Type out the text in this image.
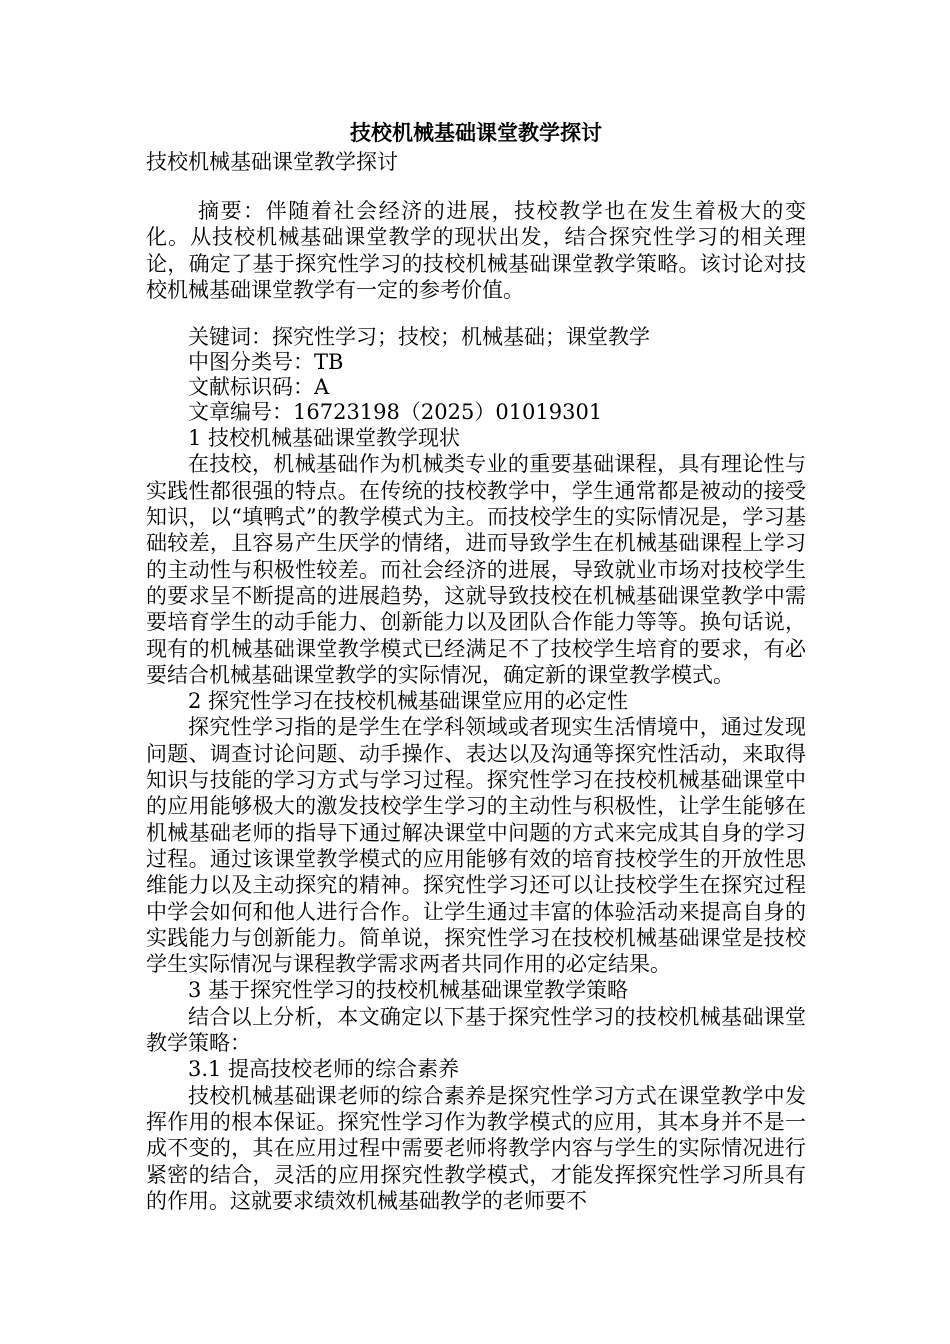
技校机械基础课堂教学探讨

技校机械基础课堂教学探讨

摘要：伴随着社会经济的进展，技校教学也在发生着极大的变化。从技校机械基础课堂教学的现状出发，结合探究性学习的相关理论，确定了基于探究性学习的技校机械基础课堂教学策略。该讨论对技校机械基础课堂教学有一定的参考价值。

关键词：探究性学习；技校；机械基础；课堂教学

中图分类号：TB

文献标识码：A

文章编号：16723198（2025）01019301

1 技校机械基础课堂教学现状

在技校，机械基础作为机械类专业的重要基础课程，具有理论性与实践性都很强的特点。在传统的技校教学中，学生通常都是被动的接受知识，以“填鸭式”的教学模式为主。而技校学生的实际情况是，学习基础较差，且容易产生厌学的情绪，进而导致学生在机械基础课程上学习的主动性与积极性较差。而社会经济的进展，导致就业市场对技校学生的要求呈不断提高的进展趋势，这就导致技校在机械基础课堂教学中需要培育学生的动手能力、创新能力以及团队合作能力等等。换句话说，现有的机械基础课堂教学模式已经满足不了技校学生培育的要求，有必要结合机械基础课堂教学的实际情况，确定新的课堂教学模式。

2 探究性学习在技校机械基础课堂应用的必定性

探究性学习指的是学生在学科领域或者现实生活情境中，通过发现问题、调查讨论问题、动手操作、表达以及沟通等探究性活动，来取得知识与技能的学习方式与学习过程。探究性学习在技校机械基础课堂中的应用能够极大的激发技校学生学习的主动性与积极性，让学生能够在机械基础老师的指导下通过解决课堂中问题的方式来完成其自身的学习过程。通过该课堂教学模式的应用能够有效的培育技校学生的开放性思维能力以及主动探究的精神。探究性学习还可以让技校学生在探究过程中学会如何和他人进行合作。让学生通过丰富的体验活动来提高自身的实践能力与创新能力。简单说，探究性学习在技校机械基础课堂是技校学生实际情况与课程教学需求两者共同作用的必定结果。

3 基于探究性学习的技校机械基础课堂教学策略

结合以上分析，本文确定以下基于探究性学习的技校机械基础课堂教学策略：

3.1 提高技校老师的综合素养

技校机械基础课老师的综合素养是探究性学习方式在课堂教学中发挥作用的根本保证。探究性学习作为教学模式的应用，其本身并不是一成不变的，其在应用过程中需要老师将教学内容与学生的实际情况进行紧密的结合，灵活的应用探究性教学模式，才能发挥探究性学习所具有的作用。这就要求绩效机械基础教学的老师要不
